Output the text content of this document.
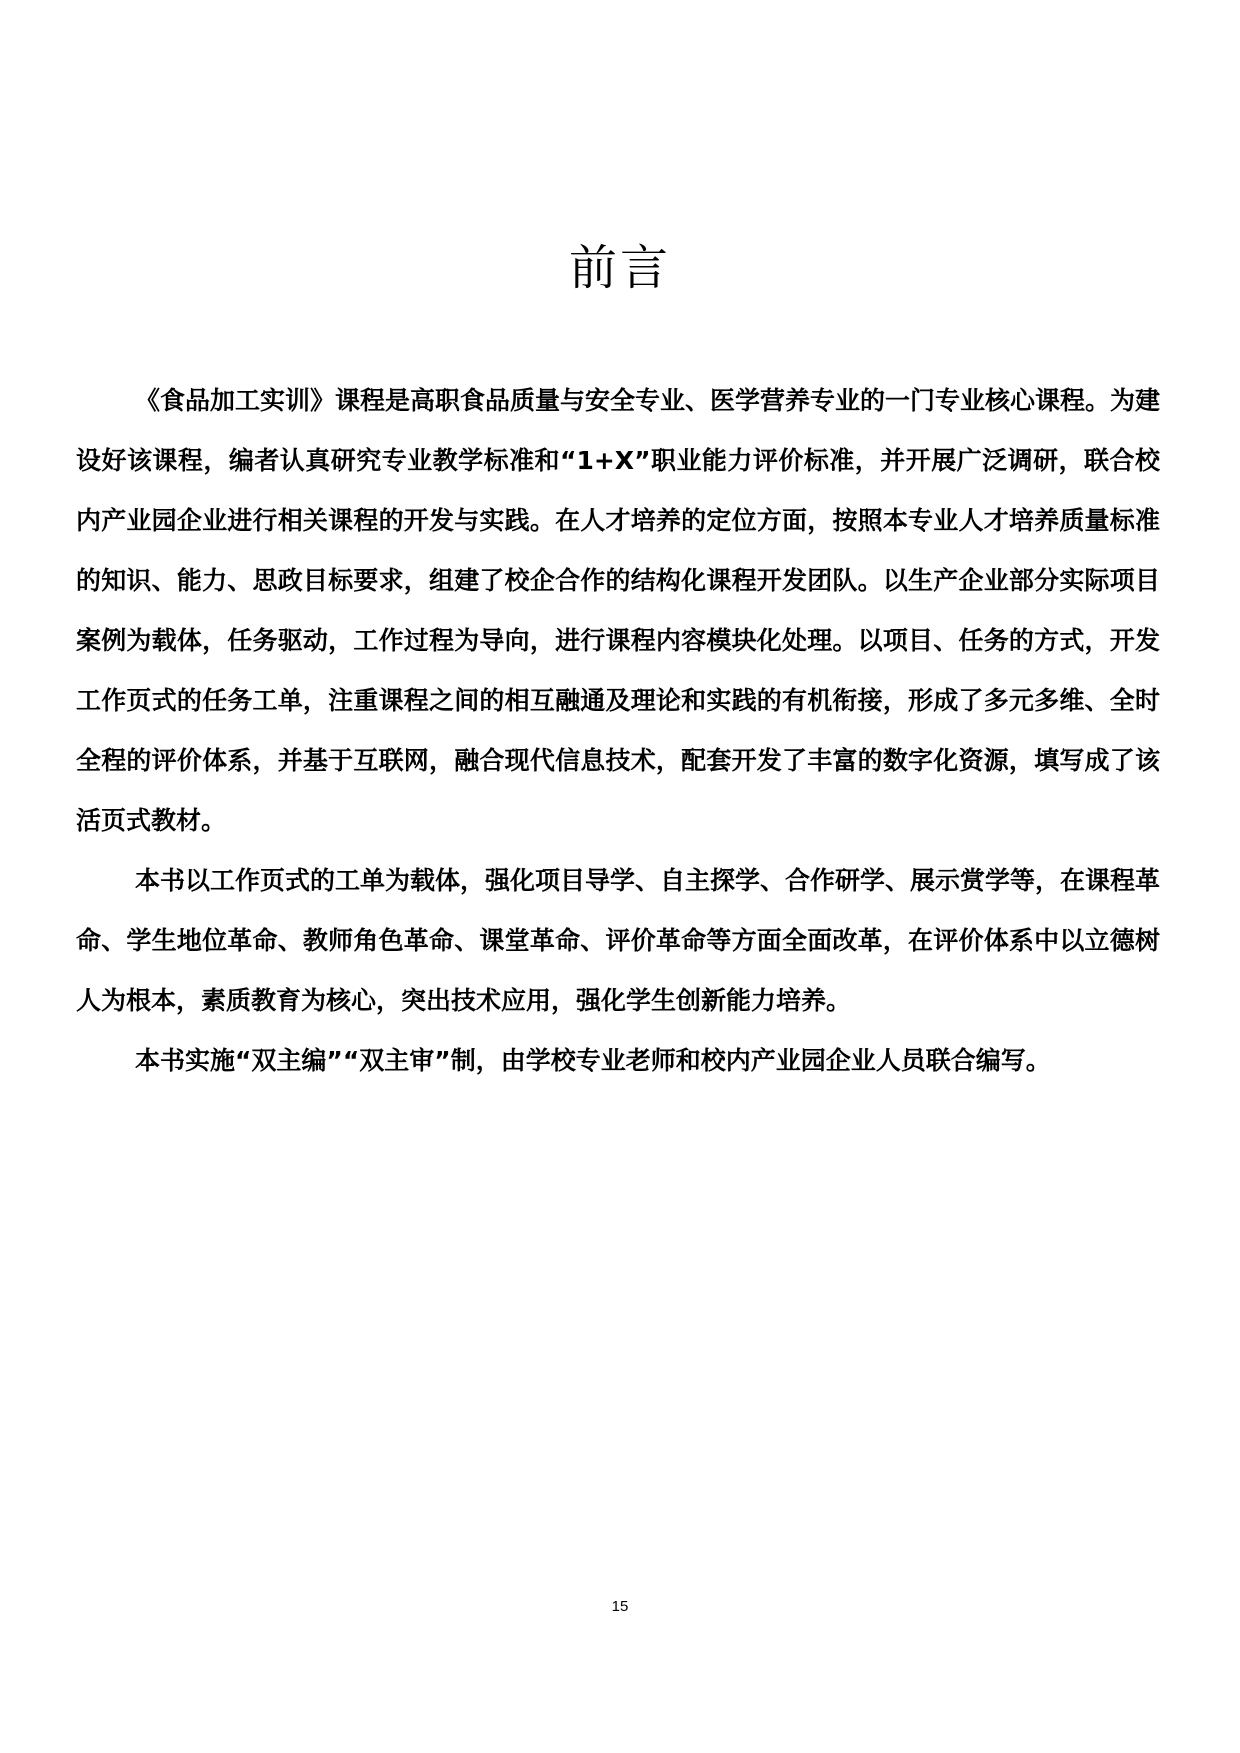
前言

《食品加工实训》课程是高职食品质量与安全专业、医学营养专业的一门专业核心课程。为建设好该课程，编者认真研究专业教学标准和“1+X”职业能力评价标准，并开展广泛调研，联合校内产业园企业进行相关课程的开发与实践。在人才培养的定位方面，按照本专业人才培养质量标准的知识、能力、思政目标要求，组建了校企合作的结构化课程开发团队。以生产企业部分实际项目案例为载体，任务驱动，工作过程为导向，进行课程内容模块化处理。以项目、任务的方式，开发工作页式的任务工单，注重课程之间的相互融通及理论和实践的有机衔接，形成了多元多维、全时全程的评价体系，并基于互联网，融合现代信息技术，配套开发了丰富的数字化资源，填写成了该活页式教材。

本书以工作页式的工单为载体，强化项目导学、自主探学、合作研学、展示赏学等，在课程革命、学生地位革命、教师角色革命、课堂革命、评价革命等方面全面改革，在评价体系中以立德树人为根本，素质教育为核心，突出技术应用，强化学生创新能力培养。

本书实施“双主编”“双主审”制，由学校专业老师和校内产业园企业人员联合编写。

15
